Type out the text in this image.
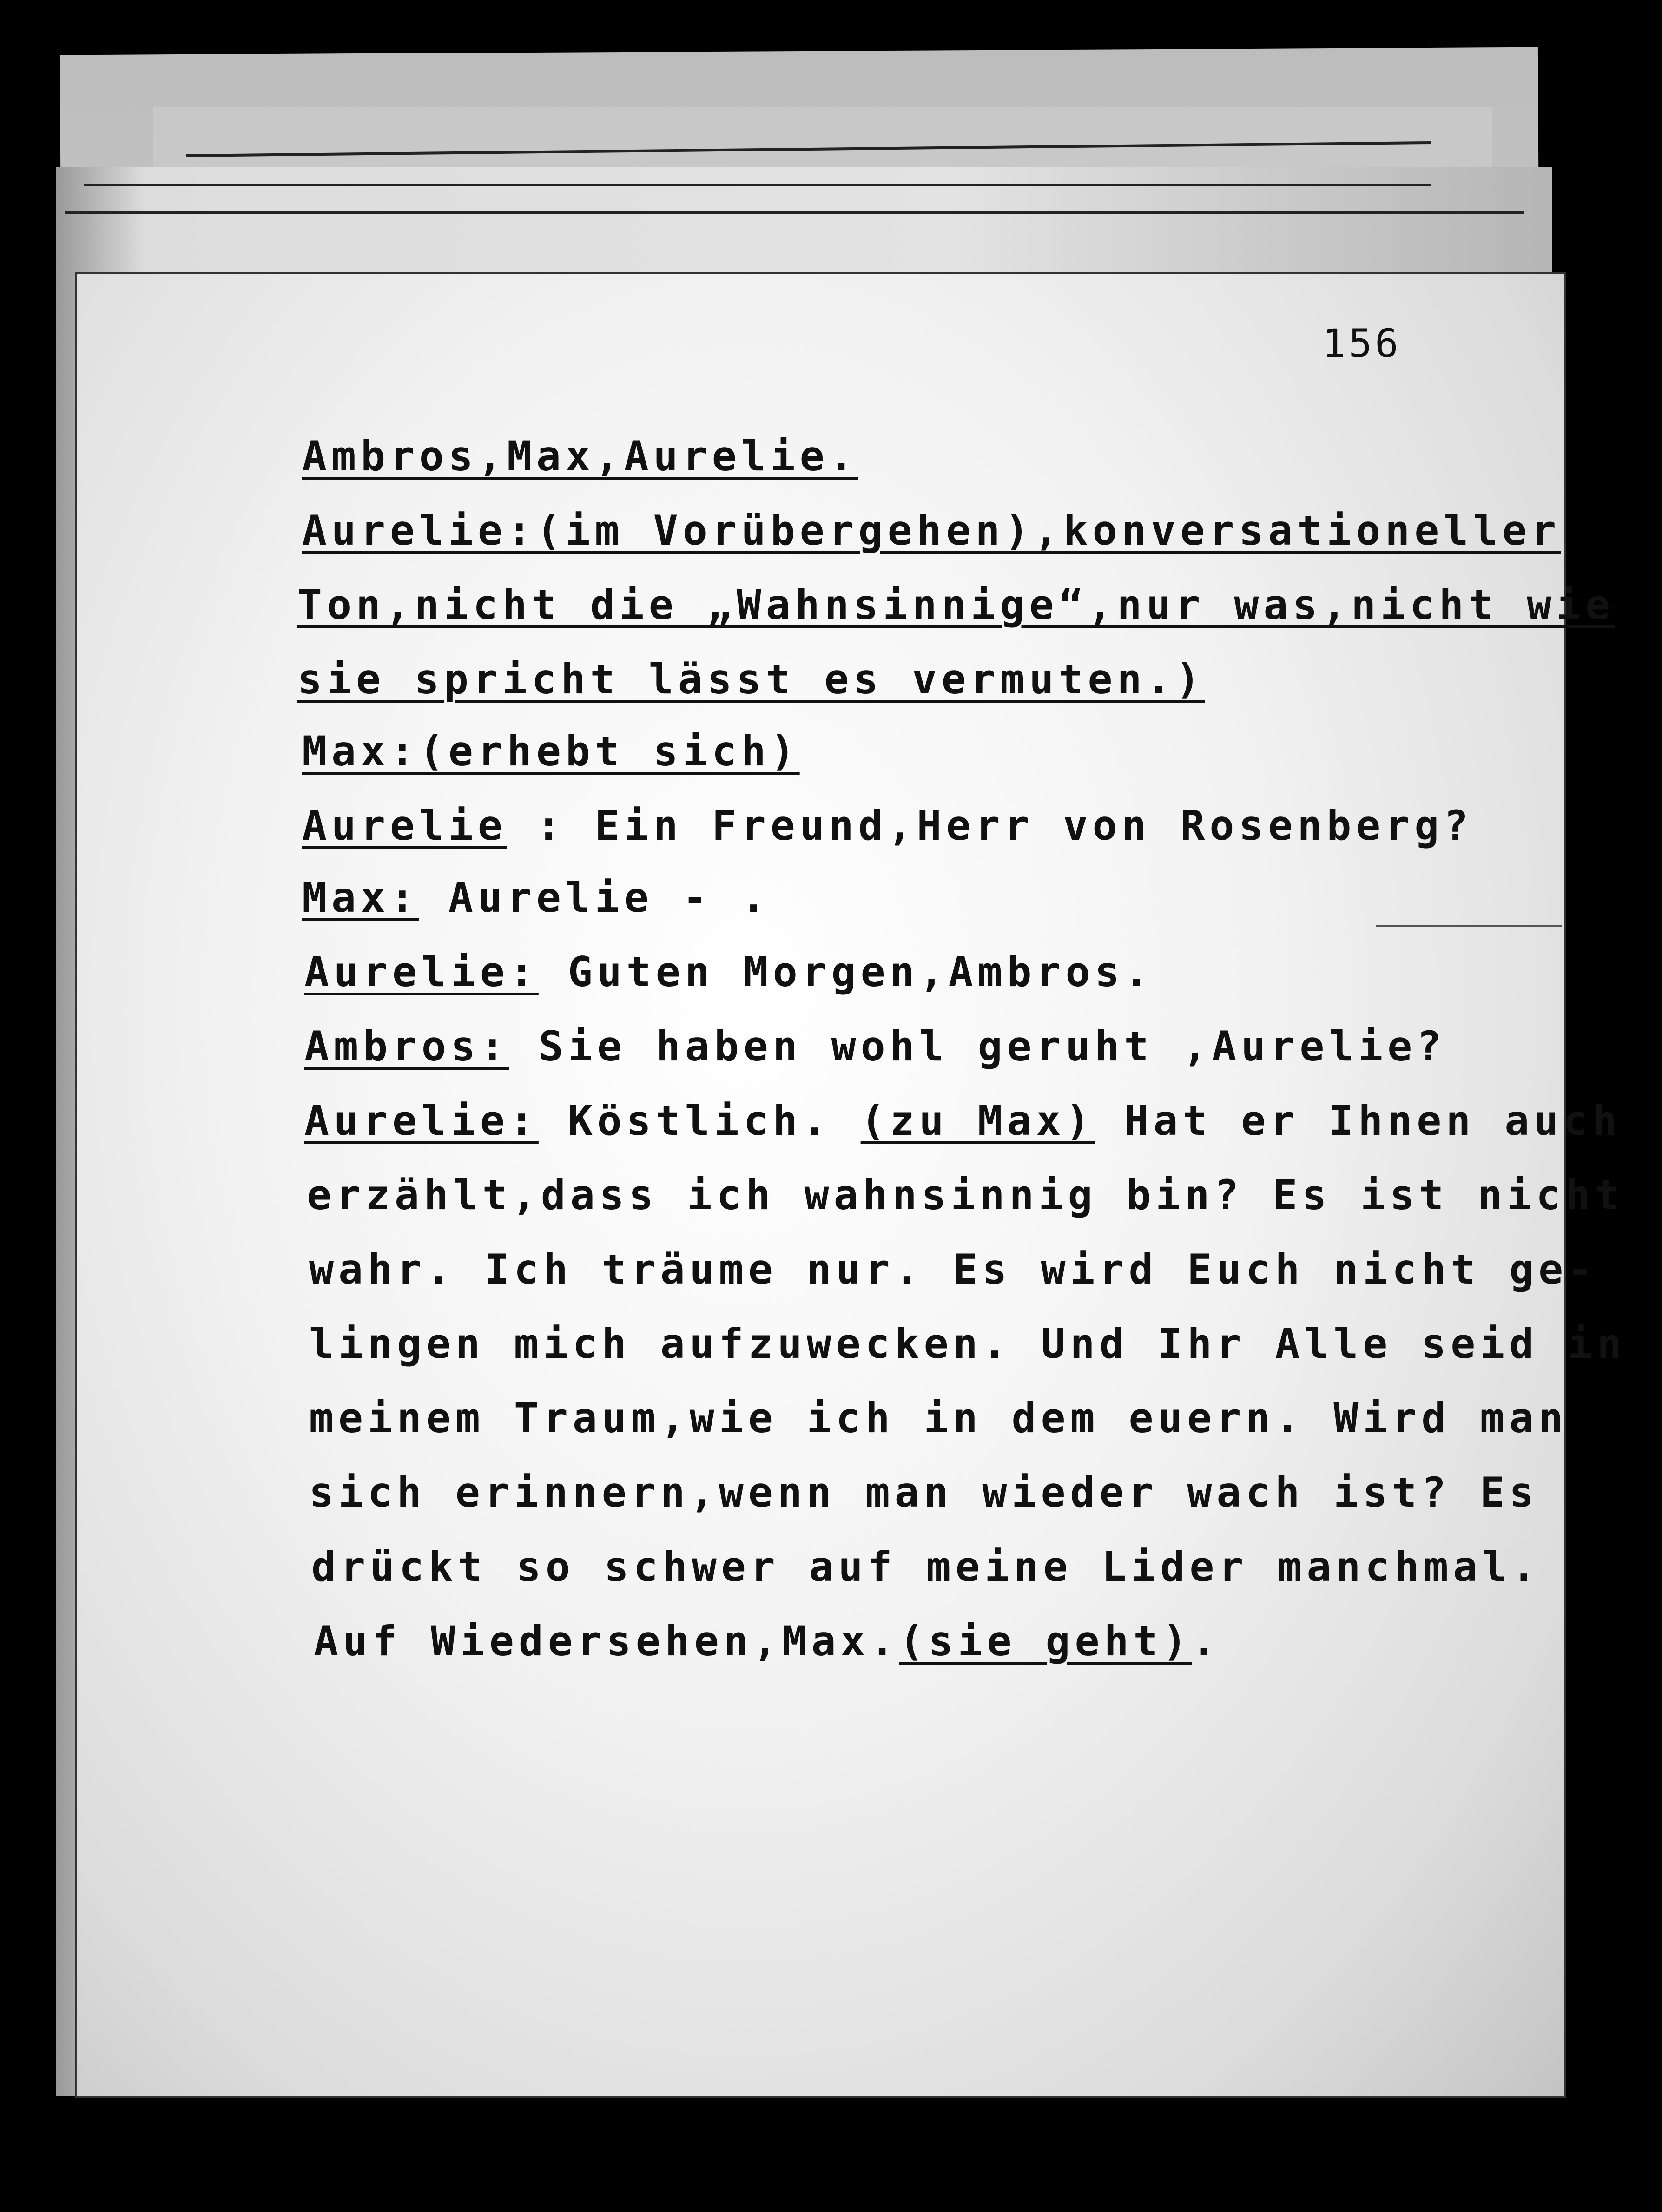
156
Ambros,Max,Aurelie.
Aurelie:(im Vorübergehen),konversationeller
Ton,nicht die „Wahnsinnige“,nur was,nicht wie
sie spricht lässt es vermuten.)
Max:(erhebt sich)
Aurelie : Ein Freund,Herr von Rosenberg?
Max: Aurelie - .
Aurelie: Guten Morgen,Ambros.
Ambros: Sie haben wohl geruht ,Aurelie?
Aurelie: Köstlich. (zu Max) Hat er Ihnen auch
erzählt,dass ich wahnsinnig bin? Es ist nicht
wahr. Ich träume nur. Es wird Euch nicht ge-
lingen mich aufzuwecken. Und Ihr Alle seid in
meinem Traum,wie ich in dem euern. Wird man
sich erinnern,wenn man wieder wach ist? Es
drückt so schwer auf meine Lider manchmal.
Auf Wiedersehen,Max.(sie geht).
